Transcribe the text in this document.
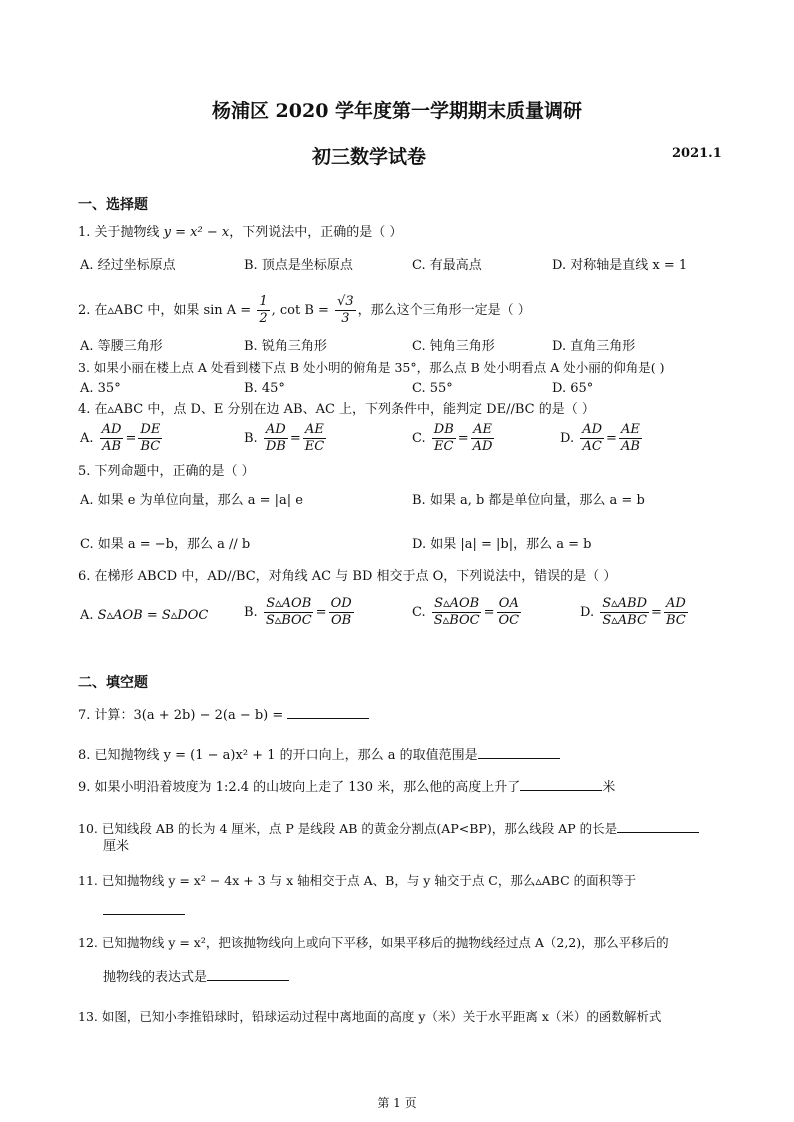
杨浦区 2020 学年度第一学期期末质量调研
初三数学试卷	2021.1
一、选择题
1. 关于抛物线 y = x² − x，下列说法中，正确的是（ ）
A. 经过坐标原点	B. 顶点是坐标原点	C. 有最高点	D. 对称轴是直线 x = 1
2. 在▵ABC 中，如果 $\sin A = \frac{1}{2}$ , $\cot B = \frac{√3}{3}$ ，那么这个三角形一定是（ ）
A. 等腰三角形	B. 锐角三角形	C. 钝角三角形	D. 直角三角形
3. 如果小丽在楼上点 A 处看到楼下点 B 处小明的俯角是 35°，那么点 B 处小明看点 A 处小丽的仰角是( )
A. 35°	B. 45°	C. 55°	D. 65°
4. 在▵ABC 中，点 D、E 分别在边 AB、AC 上，下列条件中，能判定 DE//BC 的是（ ）
A. $\frac{AD}{AB} = \frac{DE}{BC}$	B. $\frac{AD}{DB} = \frac{AE}{EC}$	C. $\frac{DB}{EC} = \frac{AE}{AD}$	D. $\frac{AD}{AC} = \frac{AE}{AB}$
5. 下列命题中，正确的是（ ）
A. 如果 e 为单位向量，那么 a = |a| e	B. 如果 a, b 都是单位向量，那么 a = b
C. 如果 a = −b，那么 a // b	D. 如果 |a| = |b|，那么 a = b
6. 在梯形 ABCD 中，AD//BC，对角线 AC 与 BD 相交于点 O，下列说法中，错误的是（ ）
A. S▵AOB = S▵DOC	B. $\frac{\text{S▵AOB}}{\text{S▵BOC}} = \frac{OD}{OB}$	C. $\frac{\text{S▵AOB}}{\text{S▵BOC}} = \frac{OA}{OC}$	D. $\frac{\text{S▵ABD}}{\text{S▵ABC}} = \frac{AD}{BC}$
二、填空题
7. 计算：3(a + 2b) − 2(a − b) =
8. 已知抛物线 y = (1 − a)x² + 1 的开口向上，那么 a 的取值范围是
9. 如果小明沿着坡度为 1:2.4 的山坡向上走了 130 米，那么他的高度上升了	米
10. 已知线段 AB 的长为 4 厘米，点 P 是线段 AB 的黄金分割点(AP<BP)，那么线段 AP 的长是
厘米
11. 已知抛物线 y = x² − 4x + 3 与 x 轴相交于点 A、B，与 y 轴交于点 C，那么▵ABC 的面积等于
12. 已知抛物线 y = x²，把该抛物线向上或向下平移，如果平移后的抛物线经过点 A（2,2)，那么平移后的
抛物线的表达式是
13. 如图，已知小李推铅球时，铅球运动过程中离地面的高度 y（米）关于水平距离 x（米）的函数解析式
第 1 页
